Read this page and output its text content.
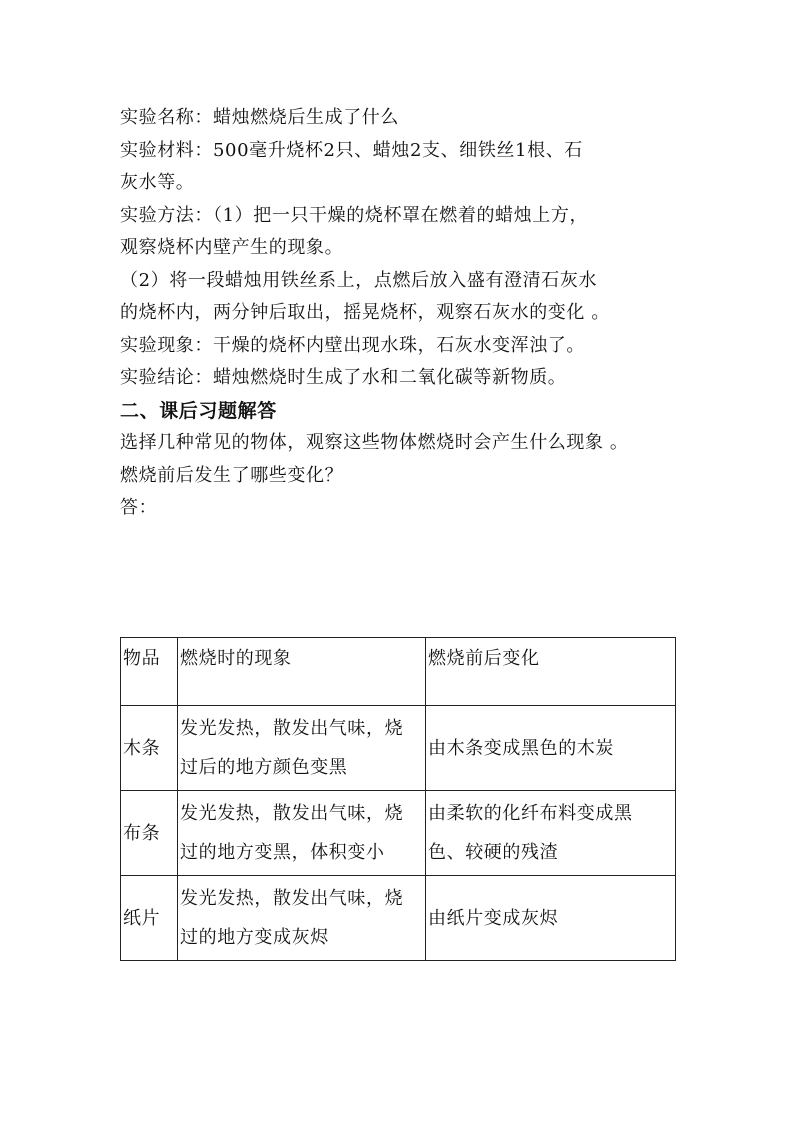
实验名称：蜡烛燃烧后生成了什么
实验材料：500毫升烧杯2只、蜡烛2支、细铁丝1根、石
灰水等。
实验方法：（1）把一只干燥的烧杯罩在燃着的蜡烛上方，
观察烧杯内壁产生的现象。
（2）将一段蜡烛用铁丝系上，点燃后放入盛有澄清石灰水
的烧杯内，两分钟后取出，摇晃烧杯，观察石灰水的变化 。
实验现象：干燥的烧杯内壁出现水珠，石灰水变浑浊了。
实验结论：蜡烛燃烧时生成了水和二氧化碳等新物质。
二、课后习题解答
选择几种常见的物体，观察这些物体燃烧时会产生什么现象 。
燃烧前后发生了哪些变化？
答：
物品	燃烧时的现象	燃烧前后变化
木条	发光发热，散发出气味，烧
过后的地方颜色变黑	由木条变成黑色的木炭

布条	发光发热，散发出气味，烧
过的地方变黑，体积变小	由柔软的化纤布料变成黑
色、较硬的残渣

纸片	发光发热，散发出气味，烧
过的地方变成灰烬	由纸片变成灰烬
